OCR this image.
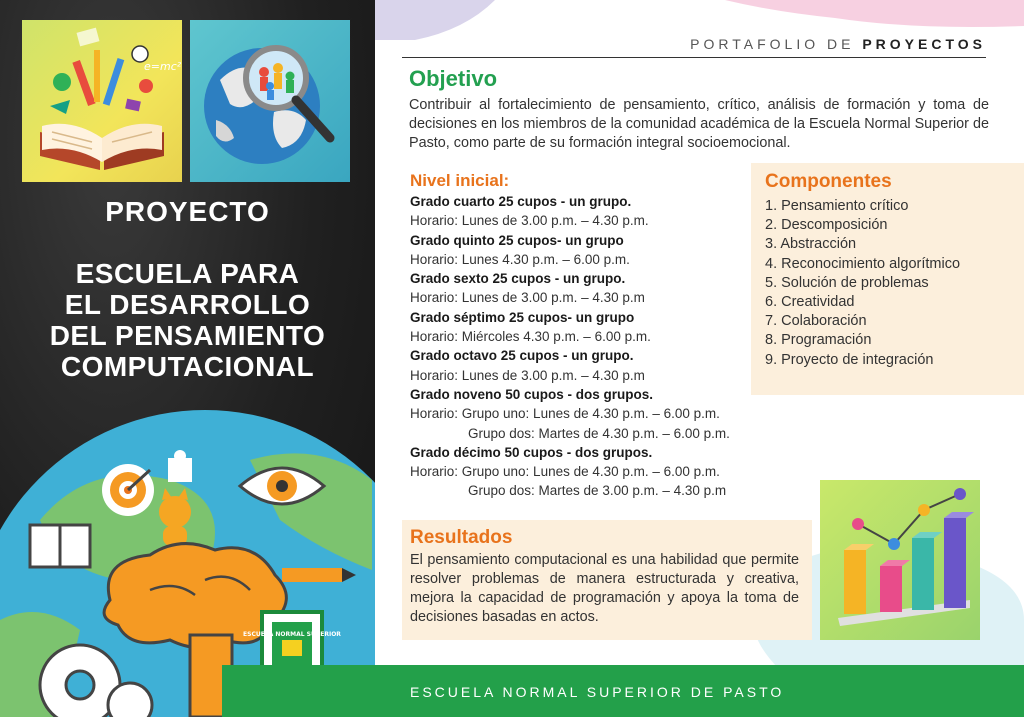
e=mc²
PROYECTO
ESCUELA PARA
EL DESARROLLO
DEL PENSAMIENTO
COMPUTACIONAL
ESCUELA NORMAL SUPERIOR
PORTAFOLIO DE PROYECTOS
Objetivo
Contribuir al fortalecimiento de pensamiento, crítico, análisis de formación y toma de decisiones en los miembros de la comunidad académica de la Escuela Normal Superior de Pasto, como parte de su formación integral socioemocional.
Nivel inicial:
Grado cuarto 25 cupos - un grupo.
Horario: Lunes de 3.00 p.m. – 4.30 p.m.
Grado quinto 25 cupos- un grupo
Horario: Lunes 4.30 p.m. – 6.00 p.m.
Grado sexto 25 cupos - un grupo.
Horario: Lunes de 3.00 p.m. – 4.30 p.m
Grado séptimo 25 cupos- un grupo
Horario: Miércoles 4.30 p.m. – 6.00 p.m.
Grado octavo 25 cupos - un grupo.
Horario: Lunes de 3.00 p.m. – 4.30 p.m
Grado noveno 50 cupos - dos grupos.
Horario: Grupo uno: Lunes de 4.30 p.m. – 6.00 p.m.
Grupo dos: Martes de 4.30 p.m. – 6.00 p.m.
Grado décimo 50 cupos - dos grupos.
Horario: Grupo uno: Lunes de 4.30 p.m. – 6.00 p.m.
Grupo dos: Martes de 3.00 p.m. – 4.30 p.m
Componentes
1. Pensamiento crítico
2. Descomposición
3. Abstracción
4. Reconocimiento algorítmico
5. Solución de problemas
6. Creatividad
7. Colaboración
8. Programación
9. Proyecto de integración
Resultados
El pensamiento computacional es una habilidad que permite resolver problemas de manera estructurada y creativa, mejora la capacidad de programación y apoya la toma de decisiones basadas en actos.
ESCUELA NORMAL SUPERIOR DE PASTO
